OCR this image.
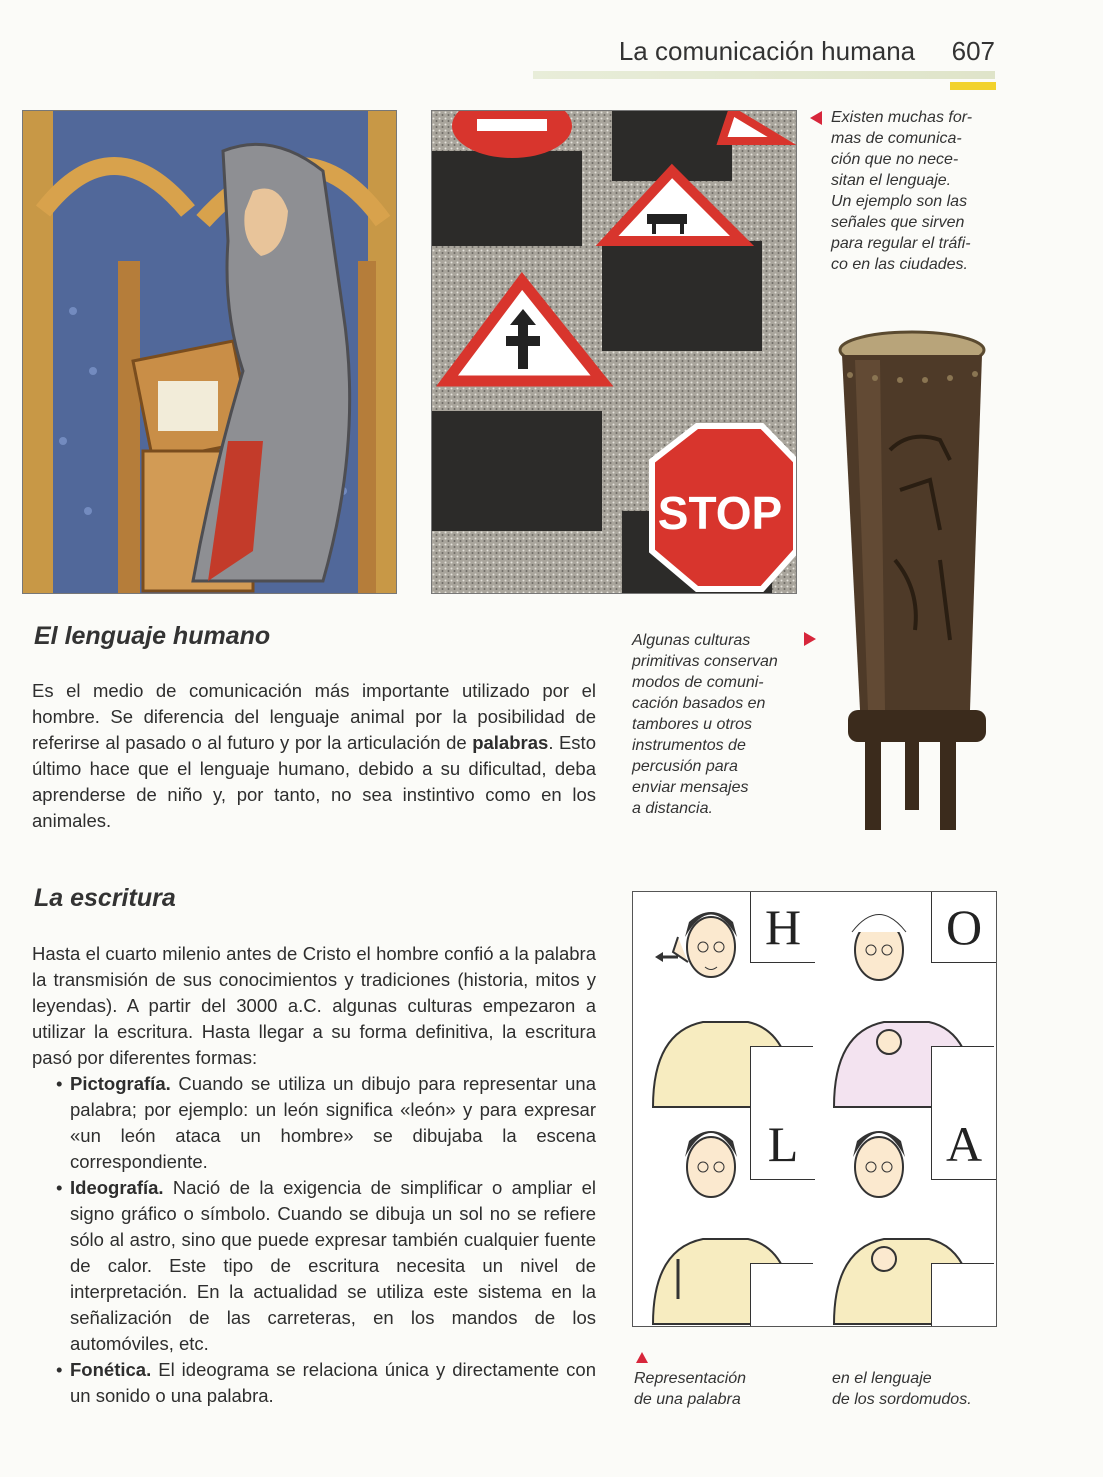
La comunicación humana 607
STOP
Existen muchas for-
mas de comunica-
ción que no nece-
sitan el lenguaje.
Un ejemplo son las
señales que sirven
para regular el tráfi-
co en las ciudades.
Algunas culturas
primitivas conservan
modos de comuni-
cación basados en
tambores u otros
instrumentos de
percusión para
enviar mensajes
a distancia.
El lenguaje humano
Es el medio de comunicación más importante utilizado por el hombre. Se diferencia del lenguaje animal por la posibilidad de referirse al pasado o al futuro y por la articulación de palabras. Esto último hace que el lenguaje humano, debido a su dificultad, deba aprenderse de niño y, por tanto, no sea instintivo como en los animales.
La escritura
Hasta el cuarto milenio antes de Cristo el hombre confió a la palabra la transmisión de sus conocimientos y tradiciones (historia, mitos y leyendas). A partir del 3000 a.C. algunas culturas empezaron a utilizar la escritura. Hasta llegar a su forma definitiva, la escritura pasó por diferentes formas:
• Pictografía. Cuando se utiliza un dibujo para representar una palabra; por ejemplo: un león significa «león» y para expresar «un león ataca un hombre» se dibujaba la escena correspondiente.
• Ideografía. Nació de la exigencia de simplificar o ampliar el signo gráfico o símbolo. Cuando se dibuja un sol no se refiere sólo al astro, sino que puede expresar también cualquier fuente de calor. Este tipo de escritura necesita un nivel de interpretación. En la actualidad se utiliza este sistema en la señalización de las carreteras, en los mandos de los automóviles, etc.
• Fonética. El ideograma se relaciona única y directamente con un sonido o una palabra.
H	O
L	A
Representación
de una palabra
en el lenguaje
de los sordomudos.
